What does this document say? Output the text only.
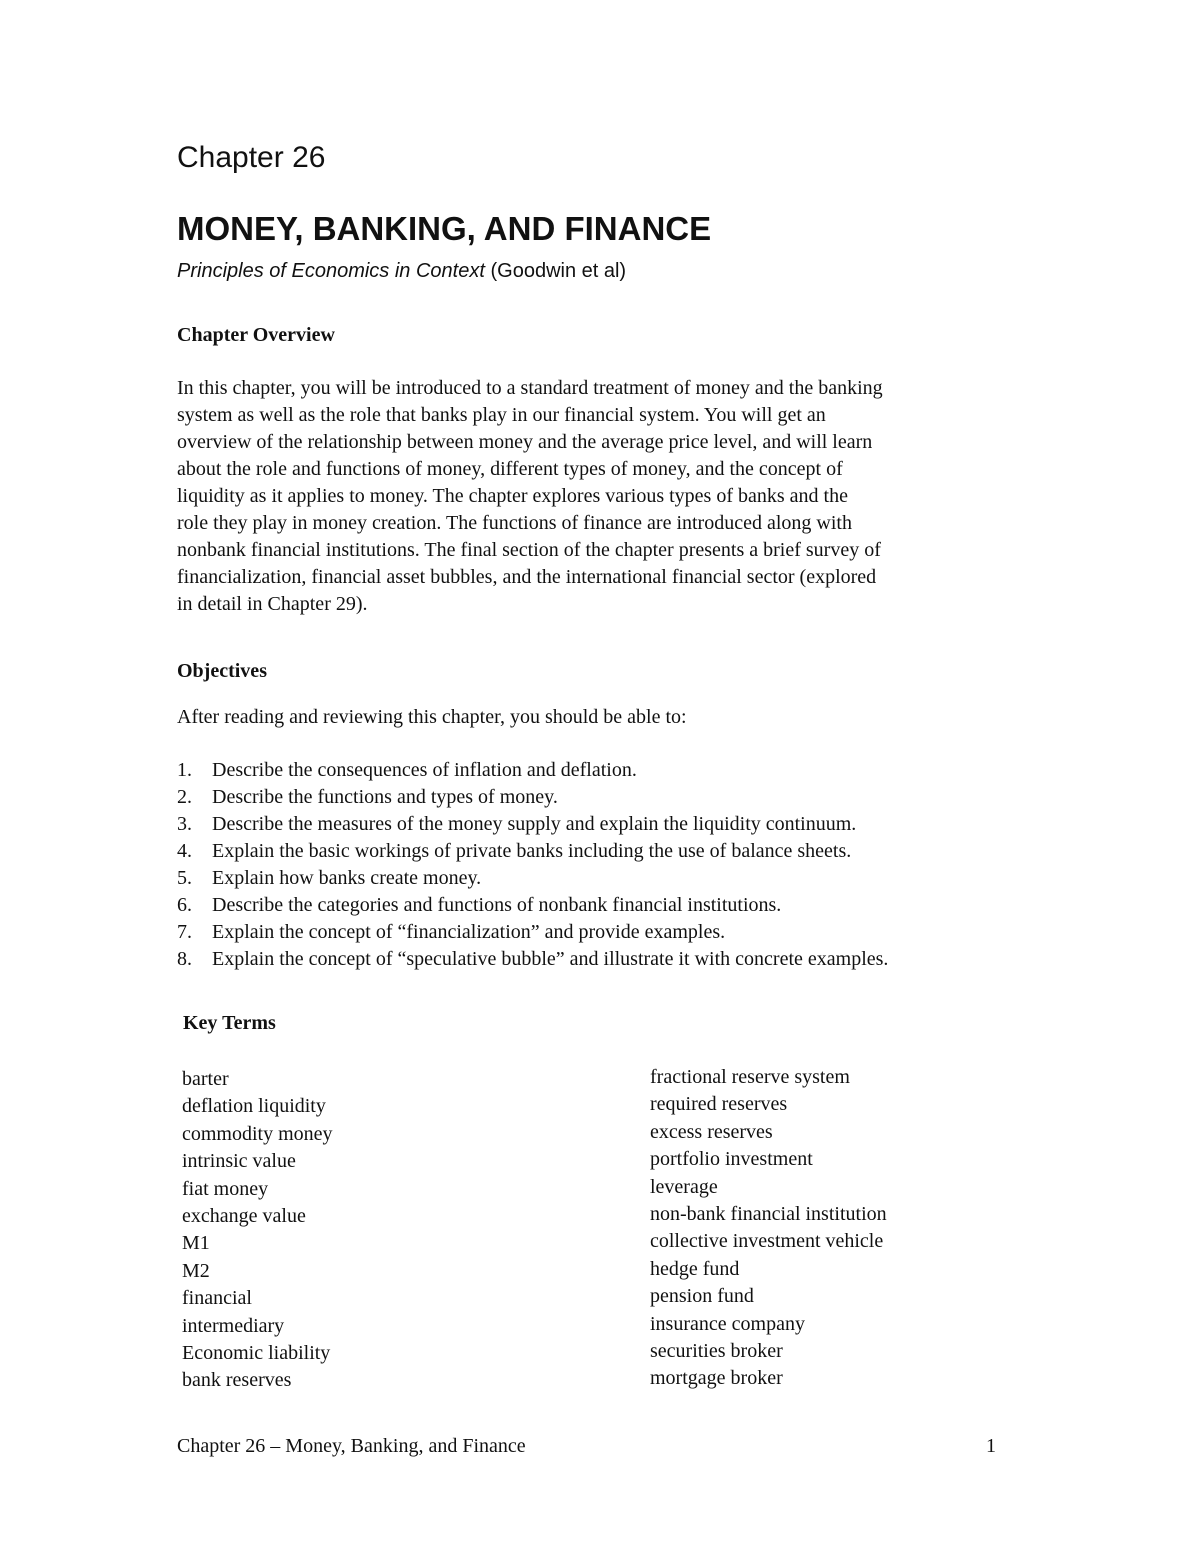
Chapter 26
MONEY, BANKING, AND FINANCE
Principles of Economics in Context (Goodwin et al)
Chapter Overview
In this chapter, you will be introduced to a standard treatment of money and the banking
system as well as the role that banks play in our financial system. You will get an
overview of the relationship between money and the average price level, and will learn
about the role and functions of money, different types of money, and the concept of
liquidity as it applies to money. The chapter explores various types of banks and the
role they play in money creation. The functions of finance are introduced along with
nonbank financial institutions. The final section of the chapter presents a brief survey of
financialization, financial asset bubbles, and the international financial sector (explored
in detail in Chapter 29).
Objectives
After reading and reviewing this chapter, you should be able to:
1. Describe the consequences of inflation and deflation.
2. Describe the functions and types of money.
3. Describe the measures of the money supply and explain the liquidity continuum.
4. Explain the basic workings of private banks including the use of balance sheets.
5. Explain how banks create money.
6. Describe the categories and functions of nonbank financial institutions.
7. Explain the concept of “financialization” and provide examples.
8. Explain the concept of “speculative bubble” and illustrate it with concrete examples.
Key Terms
barter
deflation liquidity
commodity money
intrinsic value
fiat money
exchange value
M1
M2
financial
intermediary
Economic liability
bank reserves
fractional reserve system
required reserves
excess reserves
portfolio investment
leverage
non-bank financial institution
collective investment vehicle
hedge fund
pension fund
insurance company
securities broker
mortgage broker
Chapter 26 – Money, Banking, and Finance	1
